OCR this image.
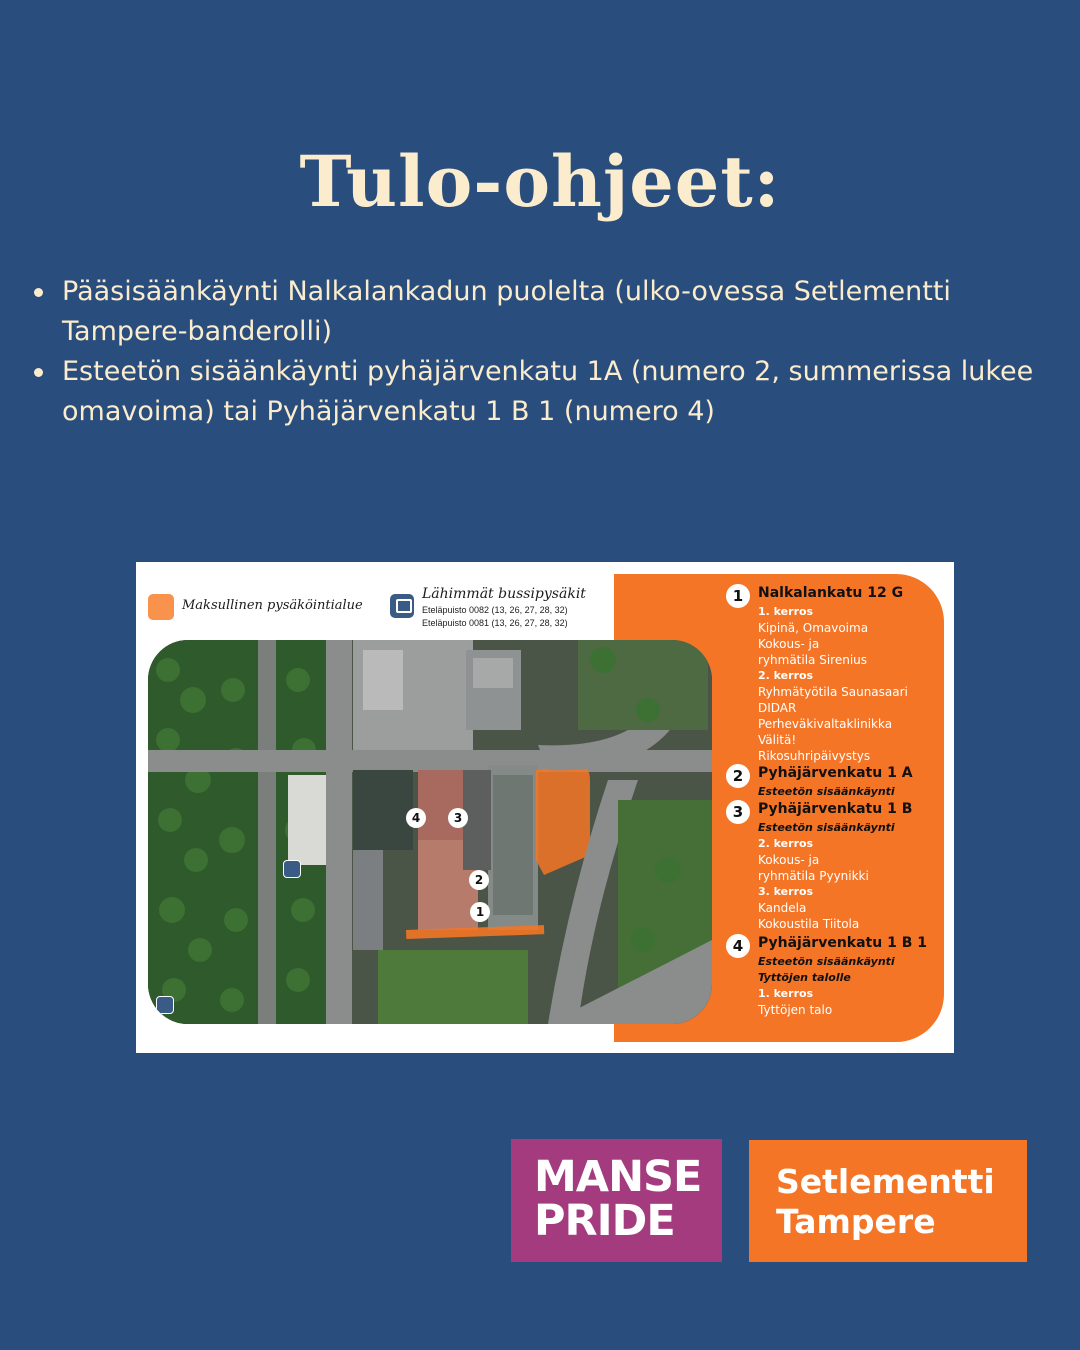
Tulo-ohjeet:
Pääsisäänkäynti Nalkalankadun puolelta (ulko-ovessa Setlementti Tampere-banderolli)
Esteetön sisäänkäynti pyhäjärvenkatu 1A (numero 2, summerissa lukee omavoima) tai Pyhäjärvenkatu 1 B 1 (numero 4)
Maksullinen pysäköintialue
Lähimmät bussipysäkit
Eteläpuisto 0082 (13, 26, 27, 28, 32)
Eteläpuisto 0081 (13, 26, 27, 28, 32)
4	3
2
1
1	Nalkalankatu 12 G
1. kerros
Kipinä, Omavoima
Kokous- ja
ryhmätila Sirenius
2. kerros
Ryhmätyötila Saunasaari
DIDAR
Perheväkivaltaklinikka
Välitä!
Rikosuhripäivystys
2	Pyhäjärvenkatu 1 A
Esteetön sisäänkäynti
3	Pyhäjärvenkatu 1 B
Esteetön sisäänkäynti
2. kerros
Kokous- ja
ryhmätila Pyynikki
3. kerros
Kandela
Kokoustila Tiitola
4	Pyhäjärvenkatu 1 B 1
Esteetön sisäänkäynti
Tyttöjen talolle
1. kerros
Tyttöjen talo
MANSE
PRIDE
Setlementti
Tampere
